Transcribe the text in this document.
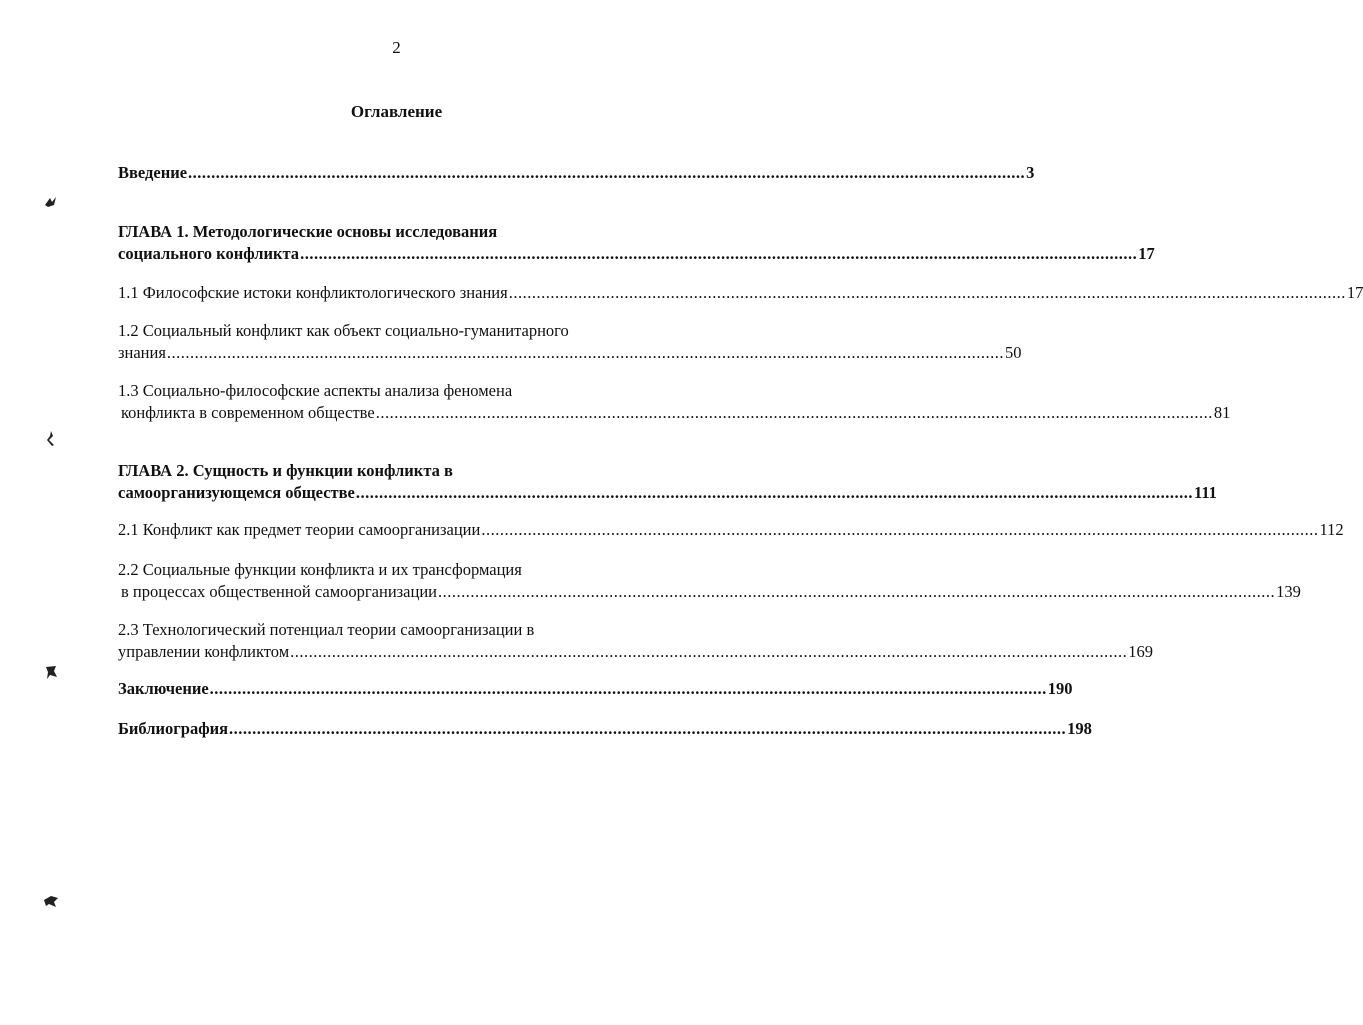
2
Оглавление
Введение ..................................................................................................................................................................................... 3
ГЛАВА 1. Методологические основы исследования
социального конфликта ..................................................................................................................................................................................... 17
1.1 Философские истоки конфликтологического знания ..................................................................................................................................................................................... 17
1.2 Социальный конфликт как объект социально-гуманитарного
знания ..................................................................................................................................................................................... 50
1.3 Социально-философские аспекты анализа феномена
конфликта в современном обществе ..................................................................................................................................................................................... 81
ГЛАВА 2. Сущность и функции конфликта в
самоорганизующемся обществе ..................................................................................................................................................................................... 111
2.1 Конфликт как предмет теории самоорганизации ..................................................................................................................................................................................... 112
2.2 Социальные функции конфликта и их трансформация
в процессах общественной самоорганизации ..................................................................................................................................................................................... 139
2.3 Технологический потенциал теории самоорганизации в
управлении конфликтом ..................................................................................................................................................................................... 169
Заключение ..................................................................................................................................................................................... 190
Библиография ..................................................................................................................................................................................... 198
